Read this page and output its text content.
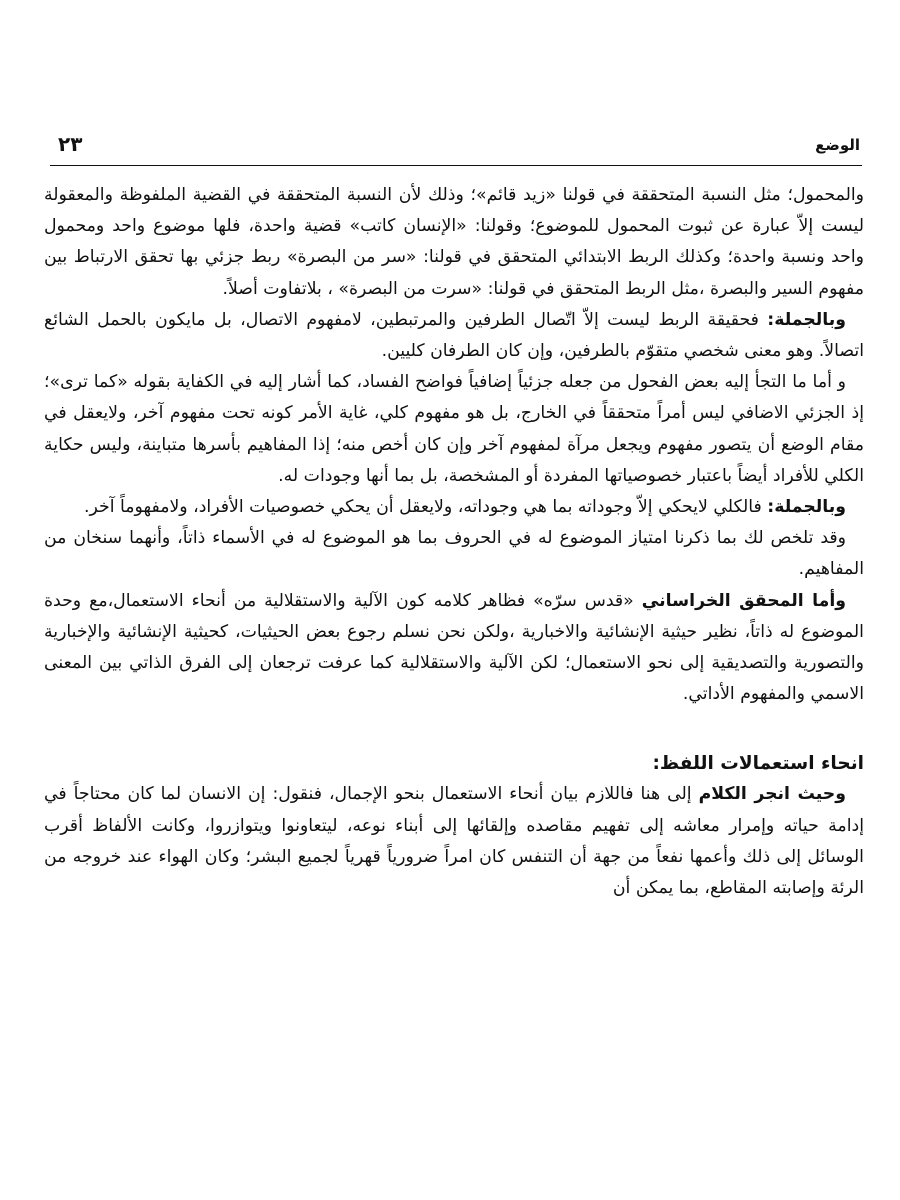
الوضع
٢٣

والمحمول؛ مثل النسبة المتحققة في قولنا «زيد قائم»؛ وذلك لأن النسبة المتحققة في القضية الملفوظة والمعقولة ليست إلاّ عبارة عن ثبوت المحمول للموضوع؛ وقولنا: «الإنسان كاتب» قضية واحدة، فلها موضوع واحد ومحمول واحد ونسبة واحدة؛ وكذلك الربط الابتدائي المتحقق في قولنا: «سر من البصرة» ربط جزئي بها تحقق الارتباط بين مفهوم السير والبصرة ،مثل الربط المتحقق في قولنا: «سرت من البصرة» ، بلاتفاوت أصلاً.

وبالجملة: فحقيقة الربط ليست إلاّ اتّصال الطرفين والمرتبطين، لامفهوم الاتصال، بل مايكون بالحمل الشائع اتصالاً. وهو معنى شخصي متقوّم بالطرفين، وإن كان الطرفان كليين.

و أما ما التجأ إليه بعض الفحول من جعله جزئياً إضافياً فواضح الفساد، كما أشار إليه في الكفاية بقوله «كما ترى»؛ إذ الجزئي الاضافي ليس أمراً متحققاً في الخارج، بل هو مفهوم كلي، غاية الأمر كونه تحت مفهوم آخر، ولايعقل في مقام الوضع أن يتصور مفهوم ويجعل مرآة لمفهوم آخر وإن كان أخص منه؛ إذا المفاهيم بأسرها متباينة، وليس حكاية الكلي للأفراد أيضاً باعتبار خصوصياتها المفردة أو المشخصة، بل بما أنها وجودات له.

وبالجملة: فالكلي لايحكي إلاّ وجوداته بما هي وجوداته، ولايعقل أن يحكي خصوصيات الأفراد، ولامفهوماً آخر.

وقد تلخص لك بما ذكرنا امتياز الموضوع له في الحروف بما هو الموضوع له في الأسماء ذاتاً، وأنهما سنخان من المفاهيم.

وأما المحقق الخراساني «قدس سرّه» فظاهر كلامه كون الآلية والاستقلالية من أنحاء الاستعمال،مع وحدة الموضوع له ذاتاً، نظير حيثية الإنشائية والاخبارية ،ولكن نحن نسلم رجوع بعض الحيثيات، كحيثية الإنشائية والإخبارية والتصورية والتصديقية إلى نحو الاستعمال؛ لكن الآلية والاستقلالية كما عرفت ترجعان إلى الفرق الذاتي بين المعنى الاسمي والمفهوم الأداتي.

انحاء استعمالات اللفظ:

وحيث انجر الكلام إلى هنا فاللازم بيان أنحاء الاستعمال بنحو الإجمال، فنقول: إن الانسان لما كان محتاجاً في إدامة حياته وإمرار معاشه إلى تفهيم مقاصده وإلقائها إلى أبناء نوعه، ليتعاونوا ويتوازروا، وكانت الألفاظ أقرب الوسائل إلى ذلك وأعمها نفعاً من جهة أن التنفس كان امراً ضرورياً قهرياً لجميع البشر؛ وكان الهواء عند خروجه من الرئة وإصابته المقاطع، بما يمكن أن
